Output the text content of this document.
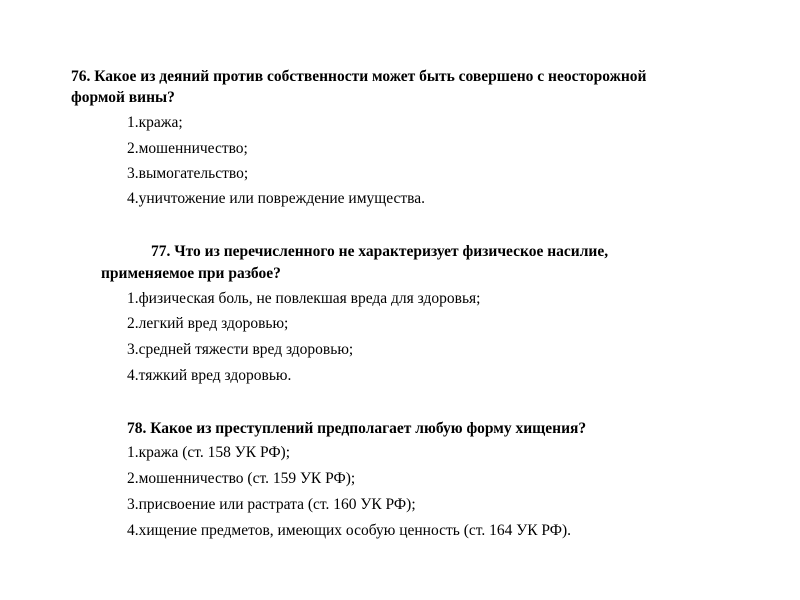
76. Какое из деяний против собственности может быть совершено с неосторожной
формой вины?
1.кража;
2.мошенничество;
3.вымогательство;
4.уничтожение или повреждение имущества.
77. Что из перечисленного не характеризует физическое насилие,
применяемое при разбое?
1.физическая боль, не повлекшая вреда для здоровья;
2.легкий вред здоровью;
3.средней тяжести вред здоровью;
4.тяжкий вред здоровью.
78. Какое из преступлений предполагает любую форму хищения?
1.кража (ст. 158 УК РФ);
2.мошенничество (ст. 159 УК РФ);
3.присвоение или растрата (ст. 160 УК РФ);
4.хищение предметов, имеющих особую ценность (ст. 164 УК РФ).
